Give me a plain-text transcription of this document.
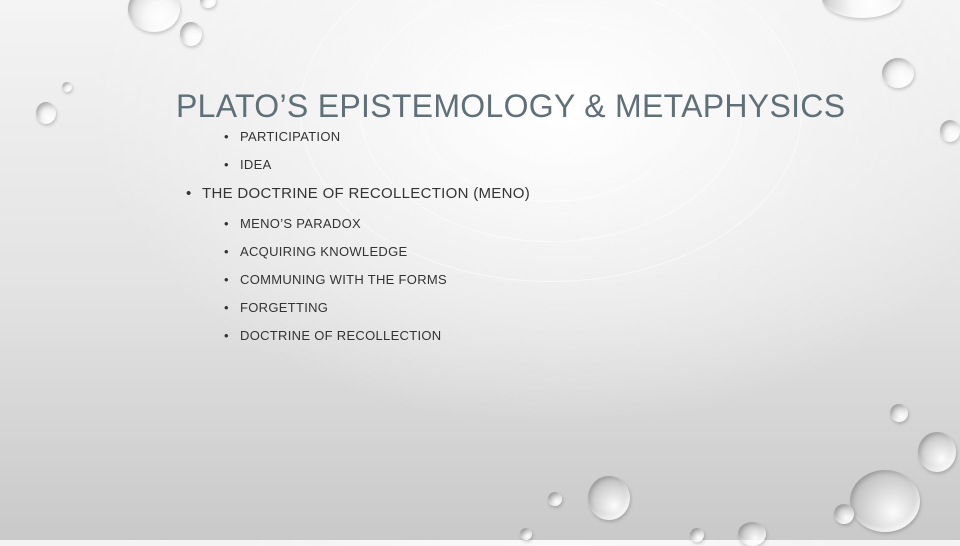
PLATO’S EPISTEMOLOGY & METAPHYSICS
• PARTICIPATION
• IDEA
• THE DOCTRINE OF RECOLLECTION (MENO)
• MENO’S PARADOX
• ACQUIRING KNOWLEDGE
• COMMUNING WITH THE FORMS
• FORGETTING
• DOCTRINE OF RECOLLECTION
